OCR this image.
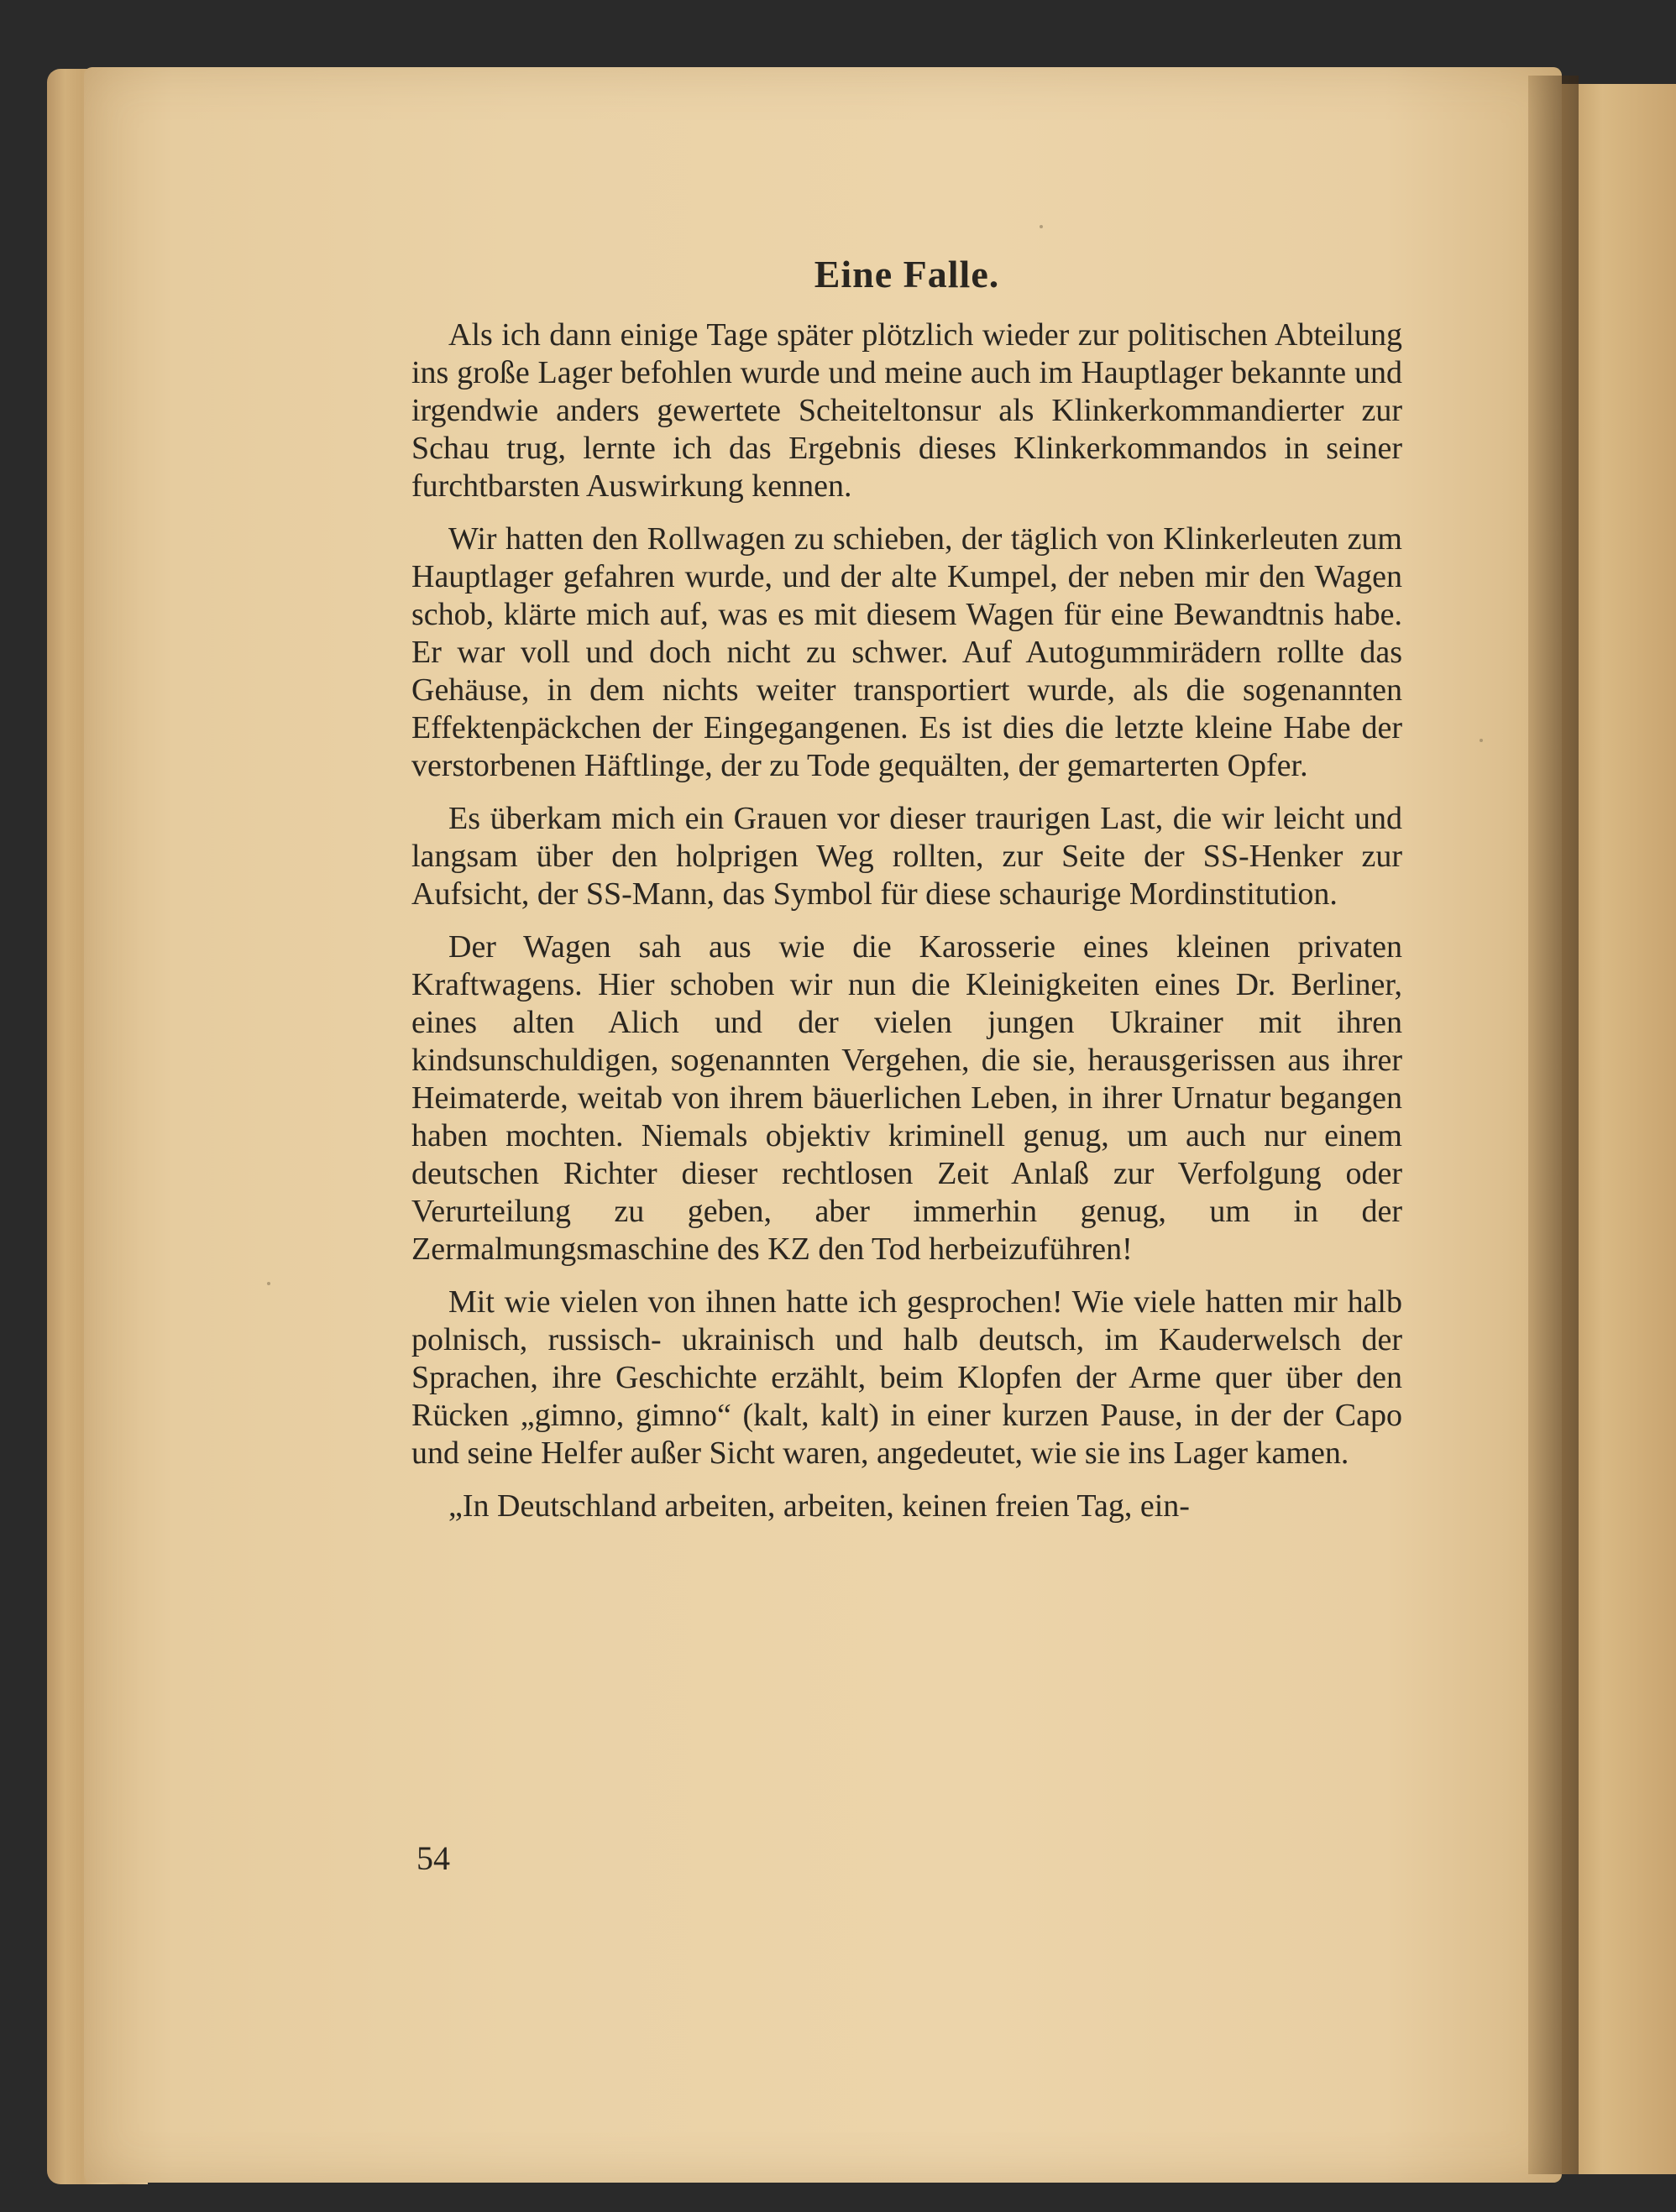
Eine Falle.

Als ich dann einige Tage später plötzlich wieder zur politischen Abteilung ins große Lager befohlen wurde und meine auch im Hauptlager bekannte und irgendwie anders gewertete Scheiteltonsur als Klinkerkommandierter zur Schau trug, lernte ich das Ergebnis dieses Klinkerkommandos in seiner furchtbarsten Auswirkung kennen.

Wir hatten den Rollwagen zu schieben, der täglich von Klinkerleuten zum Hauptlager gefahren wurde, und der alte Kumpel, der neben mir den Wagen schob, klärte mich auf, was es mit diesem Wagen für eine Bewandtnis habe. Er war voll und doch nicht zu schwer. Auf Autogummirädern rollte das Gehäuse, in dem nichts weiter transportiert wurde, als die sogenannten Effektenpäckchen der Eingegangenen. Es ist dies die letzte kleine Habe der verstorbenen Häftlinge, der zu Tode gequälten, der gemarterten Opfer.

Es überkam mich ein Grauen vor dieser traurigen Last, die wir leicht und langsam über den holprigen Weg rollten, zur Seite der SS-Henker zur Aufsicht, der SS-Mann, das Symbol für diese schaurige Mordinstitution.

Der Wagen sah aus wie die Karosserie eines kleinen privaten Kraftwagens. Hier schoben wir nun die Kleinigkeiten eines Dr. Berliner, eines alten Alich und der vielen jungen Ukrainer mit ihren kindsunschuldigen, sogenannten Vergehen, die sie, herausgerissen aus ihrer Heimaterde, weitab von ihrem bäuerlichen Leben, in ihrer Urnatur begangen haben mochten. Niemals objektiv kriminell genug, um auch nur einem deutschen Richter dieser rechtlosen Zeit Anlaß zur Verfolgung oder Verurteilung zu geben, aber immerhin genug, um in der Zermalmungsmaschine des KZ den Tod herbeizuführen!

Mit wie vielen von ihnen hatte ich gesprochen! Wie viele hatten mir halb polnisch, russisch- ukrainisch und halb deutsch, im Kauderwelsch der Sprachen, ihre Geschichte erzählt, beim Klopfen der Arme quer über den Rücken „gimno, gimno“ (kalt, kalt) in einer kurzen Pause, in der der Capo und seine Helfer außer Sicht waren, angedeutet, wie sie ins Lager kamen.

„In Deutschland arbeiten, arbeiten, keinen freien Tag, ein-

54
